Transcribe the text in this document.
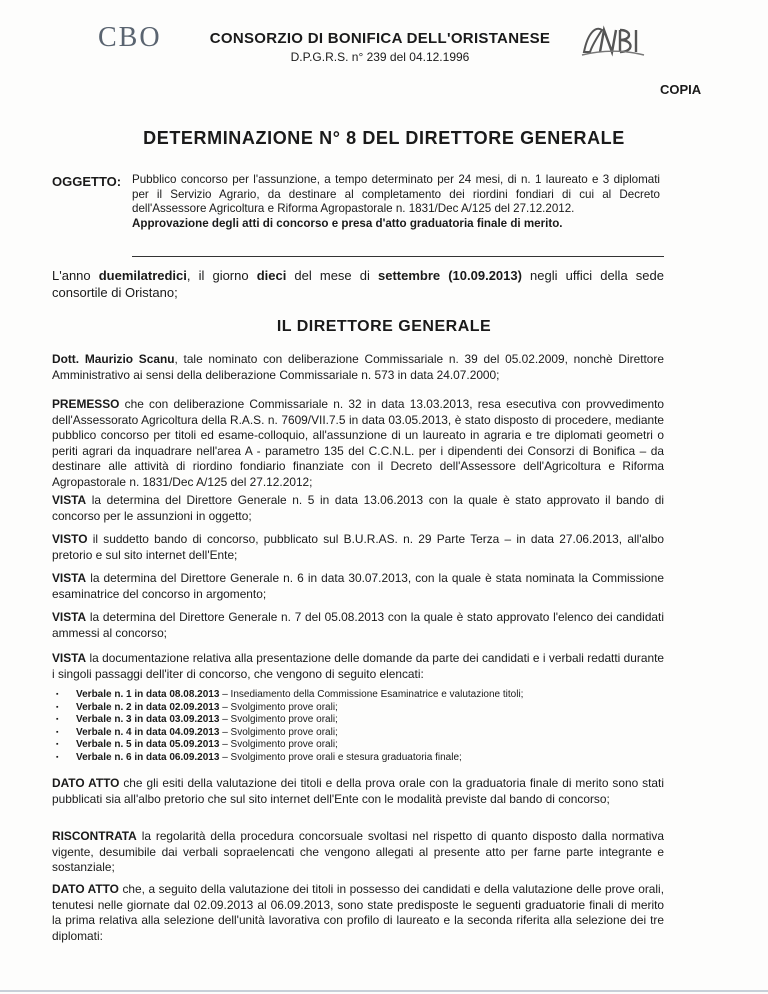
CBO	CONSORZIO DI BONIFICA DELL'ORISTANESE
D.P.G.R.S. n° 239 del 04.12.1996
COPIA
DETERMINAZIONE N° 8 DEL DIRETTORE GENERALE
OGGETTO: Pubblico concorso per l'assunzione, a tempo determinato per 24 mesi, di n. 1 laureato e 3 diplomati per il Servizio Agrario, da destinare al completamento dei riordini fondiari di cui al Decreto dell'Assessore Agricoltura e Riforma Agropastorale n. 1831/Dec A/125 del 27.12.2012.
Approvazione degli atti di concorso e presa d'atto graduatoria finale di merito.
L'anno duemilatredici, il giorno dieci del mese di settembre (10.09.2013) negli uffici della sede consortile di Oristano;
IL DIRETTORE GENERALE
Dott. Maurizio Scanu, tale nominato con deliberazione Commissariale n. 39 del 05.02.2009, nonchè Direttore Amministrativo ai sensi della deliberazione Commissariale n. 573 in data 24.07.2000;
PREMESSO che con deliberazione Commissariale n. 32 in data 13.03.2013, resa esecutiva con provvedimento dell'Assessorato Agricoltura della R.A.S. n. 7609/VII.7.5 in data 03.05.2013, è stato disposto di procedere, mediante pubblico concorso per titoli ed esame-colloquio, all'assunzione di un laureato in agraria e tre diplomati geometri o periti agrari da inquadrare nell'area A - parametro 135 del C.C.N.L. per i dipendenti dei Consorzi di Bonifica – da destinare alle attività di riordino fondiario finanziate con il Decreto dell'Assessore dell'Agricoltura e Riforma Agropastorale n. 1831/Dec A/125 del 27.12.2012;
VISTA la determina del Direttore Generale n. 5 in data 13.06.2013 con la quale è stato approvato il bando di concorso per le assunzioni in oggetto;
VISTO il suddetto bando di concorso, pubblicato sul B.U.R.AS. n. 29 Parte Terza – in data 27.06.2013, all'albo pretorio e sul sito internet dell'Ente;
VISTA la determina del Direttore Generale n. 6 in data 30.07.2013, con la quale è stata nominata la Commissione esaminatrice del concorso in argomento;
VISTA la determina del Direttore Generale n. 7 del 05.08.2013 con la quale è stato approvato l'elenco dei candidati ammessi al concorso;
VISTA la documentazione relativa alla presentazione delle domande da parte dei candidati e i verbali redatti durante i singoli passaggi dell'iter di concorso, che vengono di seguito elencati:
▪ Verbale n. 1 in data 08.08.2013 – Insediamento della Commissione Esaminatrice e valutazione titoli;
▪ Verbale n. 2 in data 02.09.2013 – Svolgimento prove orali;
▪ Verbale n. 3 in data 03.09.2013 – Svolgimento prove orali;
▪ Verbale n. 4 in data 04.09.2013 – Svolgimento prove orali;
▪ Verbale n. 5 in data 05.09.2013 – Svolgimento prove orali;
▪ Verbale n. 6 in data 06.09.2013 – Svolgimento prove orali e stesura graduatoria finale;
DATO ATTO che gli esiti della valutazione dei titoli e della prova orale con la graduatoria finale di merito sono stati pubblicati sia all'albo pretorio che sul sito internet dell'Ente con le modalità previste dal bando di concorso;
RISCONTRATA la regolarità della procedura concorsuale svoltasi nel rispetto di quanto disposto dalla normativa vigente, desumibile dai verbali sopraelencati che vengono allegati al presente atto per farne parte integrante e sostanziale;
DATO ATTO che, a seguito della valutazione dei titoli in possesso dei candidati e della valutazione delle prove orali, tenutesi nelle giornate dal 02.09.2013 al 06.09.2013, sono state predisposte le seguenti graduatorie finali di merito la prima relativa alla selezione dell'unità lavorativa con profilo di laureato e la seconda riferita alla selezione dei tre diplomati:
